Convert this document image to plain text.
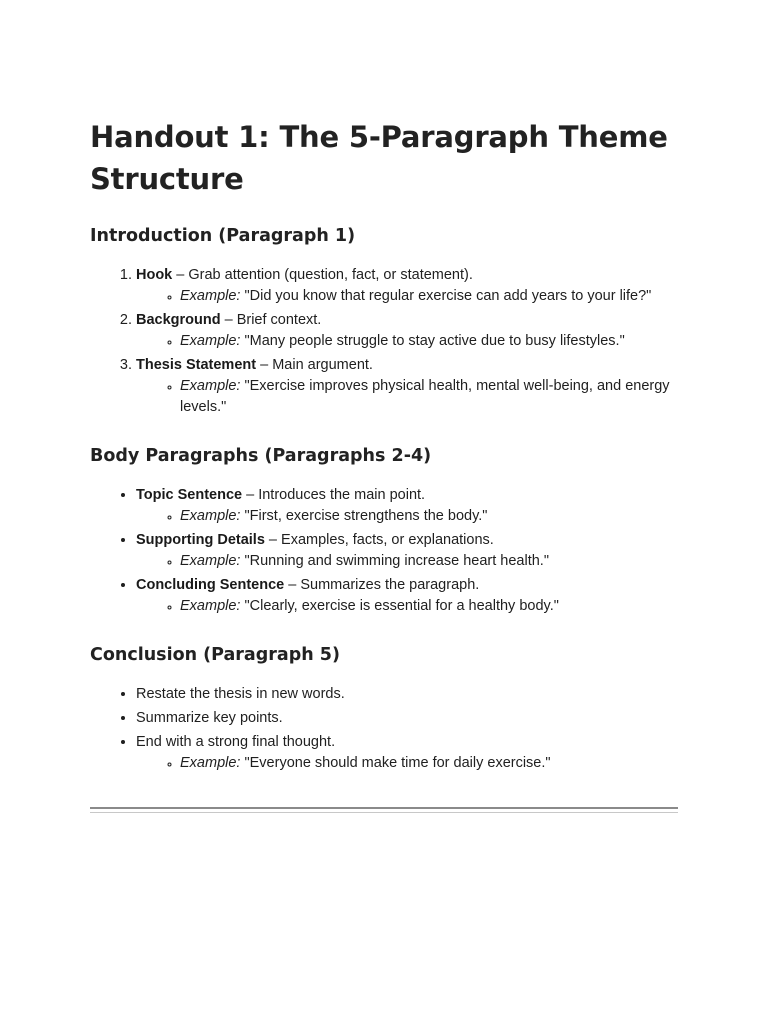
Handout 1: The 5-Paragraph Theme Structure
Introduction (Paragraph 1)
1. Hook – Grab attention (question, fact, or statement).
◦ Example: "Did you know that regular exercise can add years to your life?"
2. Background – Brief context.
◦ Example: "Many people struggle to stay active due to busy lifestyles."
3. Thesis Statement – Main argument.
◦ Example: "Exercise improves physical health, mental well-being, and energy levels."
Body Paragraphs (Paragraphs 2-4)
• Topic Sentence – Introduces the main point.
◦ Example: "First, exercise strengthens the body."
• Supporting Details – Examples, facts, or explanations.
◦ Example: "Running and swimming increase heart health."
• Concluding Sentence – Summarizes the paragraph.
◦ Example: "Clearly, exercise is essential for a healthy body."
Conclusion (Paragraph 5)
• Restate the thesis in new words.
• Summarize key points.
• End with a strong final thought.
◦ Example: "Everyone should make time for daily exercise."
